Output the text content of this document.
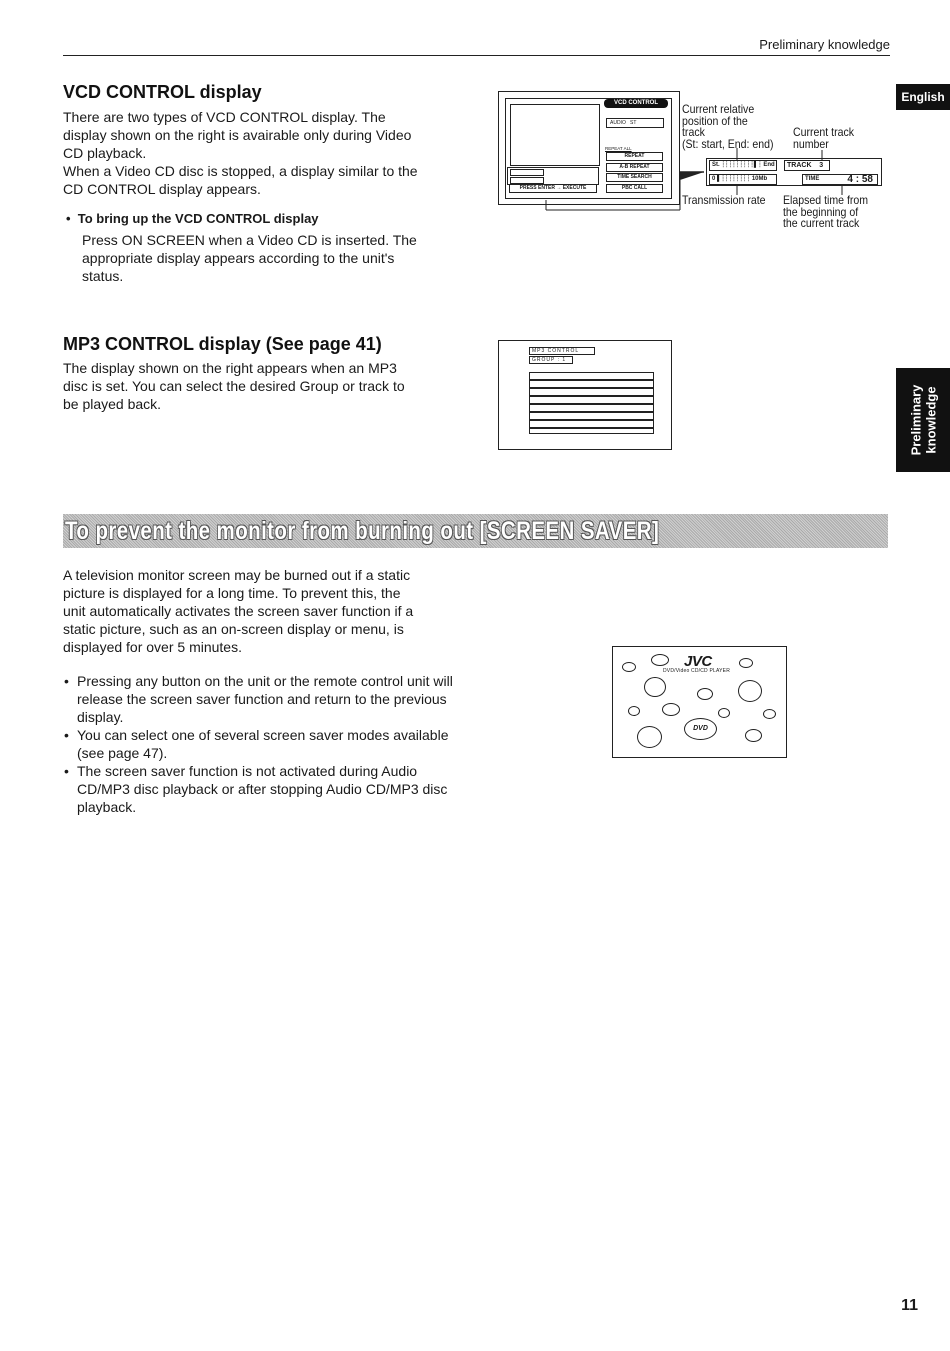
Preliminary knowledge
English
Preliminary knowledge
VCD CONTROL display
There are two types of VCD CONTROL display. The
display shown on the right is avairable only during Video
CD playback.
When a Video CD disc is stopped, a display similar to the
CD CONTROL display appears.
•  To bring up the VCD CONTROL display
Press ON SCREEN when a Video CD is inserted. The
appropriate display appears according to the unit's
status.
VCD CONTROL
AUDIO ST
REPEAT ALL
REPEAT
A-B REPEAT
TIME SEARCH
PBC CALL
PRESS ENTER → EXECUTE
St. ┆┆┆┆┆┆┆┆┆▌┆ End
0 ▌┆┆┆┆┆┆┆┆ 10Mb
TRACK 3
TIME	4 : 58
Current relative
position of the
track
(St: start, End: end)
Current track
number
Transmission rate Elapsed time from
the beginning of
the current track
MP3 CONTROL display (See page 41)
The display shown on the right appears when an MP3
disc is set. You can select the desired Group or track to
be played back.
MP3 CONTROL
GROUP : 1
To prevent the monitor from burning out [SCREEN SAVER]
A television monitor screen may be burned out if a static
picture is displayed for a long time. To prevent this, the
unit automatically activates the screen saver function if a
static picture, such as an on-screen display or menu, is
displayed for over 5 minutes.
• Pressing any button on the unit or the remote control unit will release the screen saver function and return to the previous display.
• You can select one of several screen saver modes available (see page 47).
• The screen saver function is not activated during Audio CD/MP3 disc playback or after stopping Audio CD/MP3 disc playback.
JVC
DVD/Video CD/CD PLAYER
DVD
11
